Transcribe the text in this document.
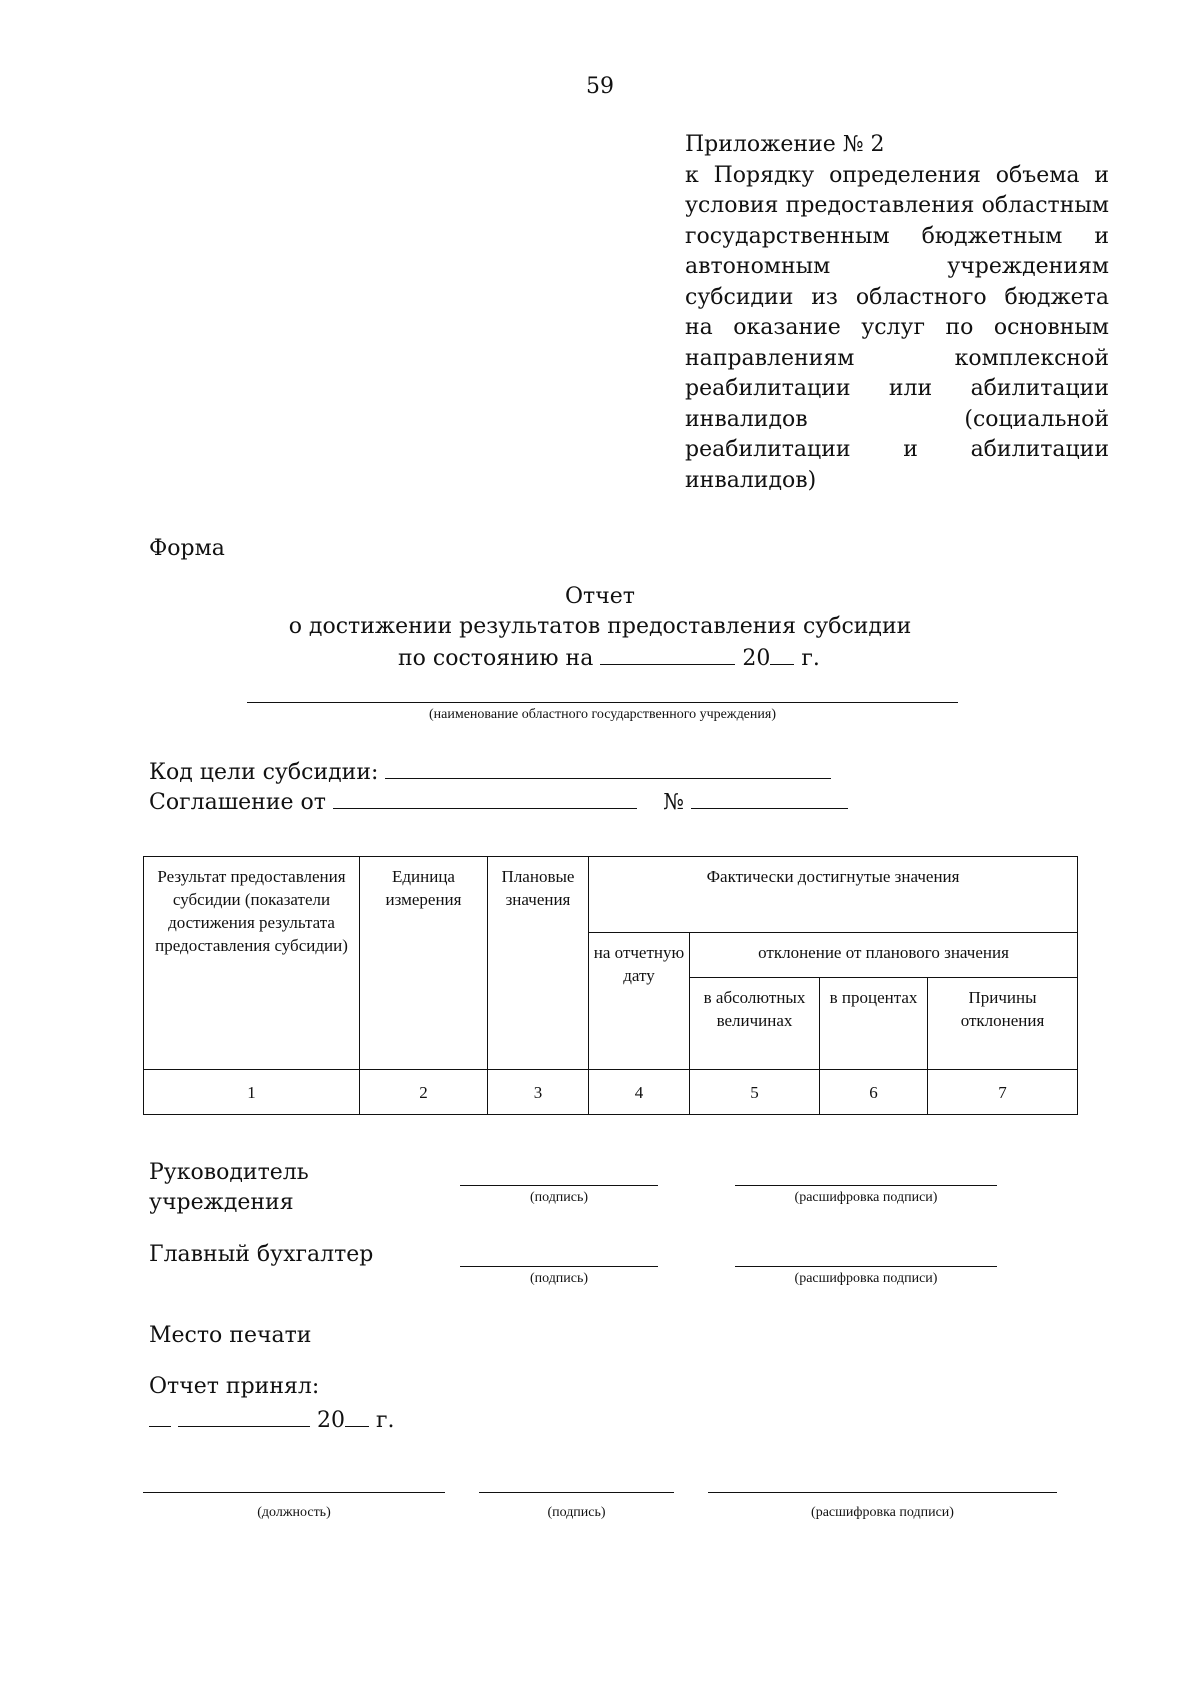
59
Приложение № 2
к Порядку определения объема и условия предоставления областным государственным бюджетным и автономным учреждениям субсидии из областного бюджета на оказание услуг по основным направлениям комплексной реабилитации или абилитации инвалидов (социальной реабилитации и абилитации инвалидов)
Форма
Отчет
о достижении результатов предоставления субсидии
по состоянию на	20 г.
(наименование областного государственного учреждения)
Код цели субсидии:
Соглашение от	№
Результат предоставления субсидии (показатели достижения результата предоставления субсидии)	Единица измерения	Плановые значения	Фактически достигнутые значения			
			на отчетную дату	отклонение от планового значения		
				в абсолютных величинах	в процентах	Причины отклонения
1	2	3	4	5	6	7
Руководитель учреждения	(подпись)	(расшифровка подписи)
Главный бухгалтер
(подпись)	(расшифровка подписи)
Место печати
Отчет принял:
20 г.
(должность)	(подпись)	(расшифровка подписи)
